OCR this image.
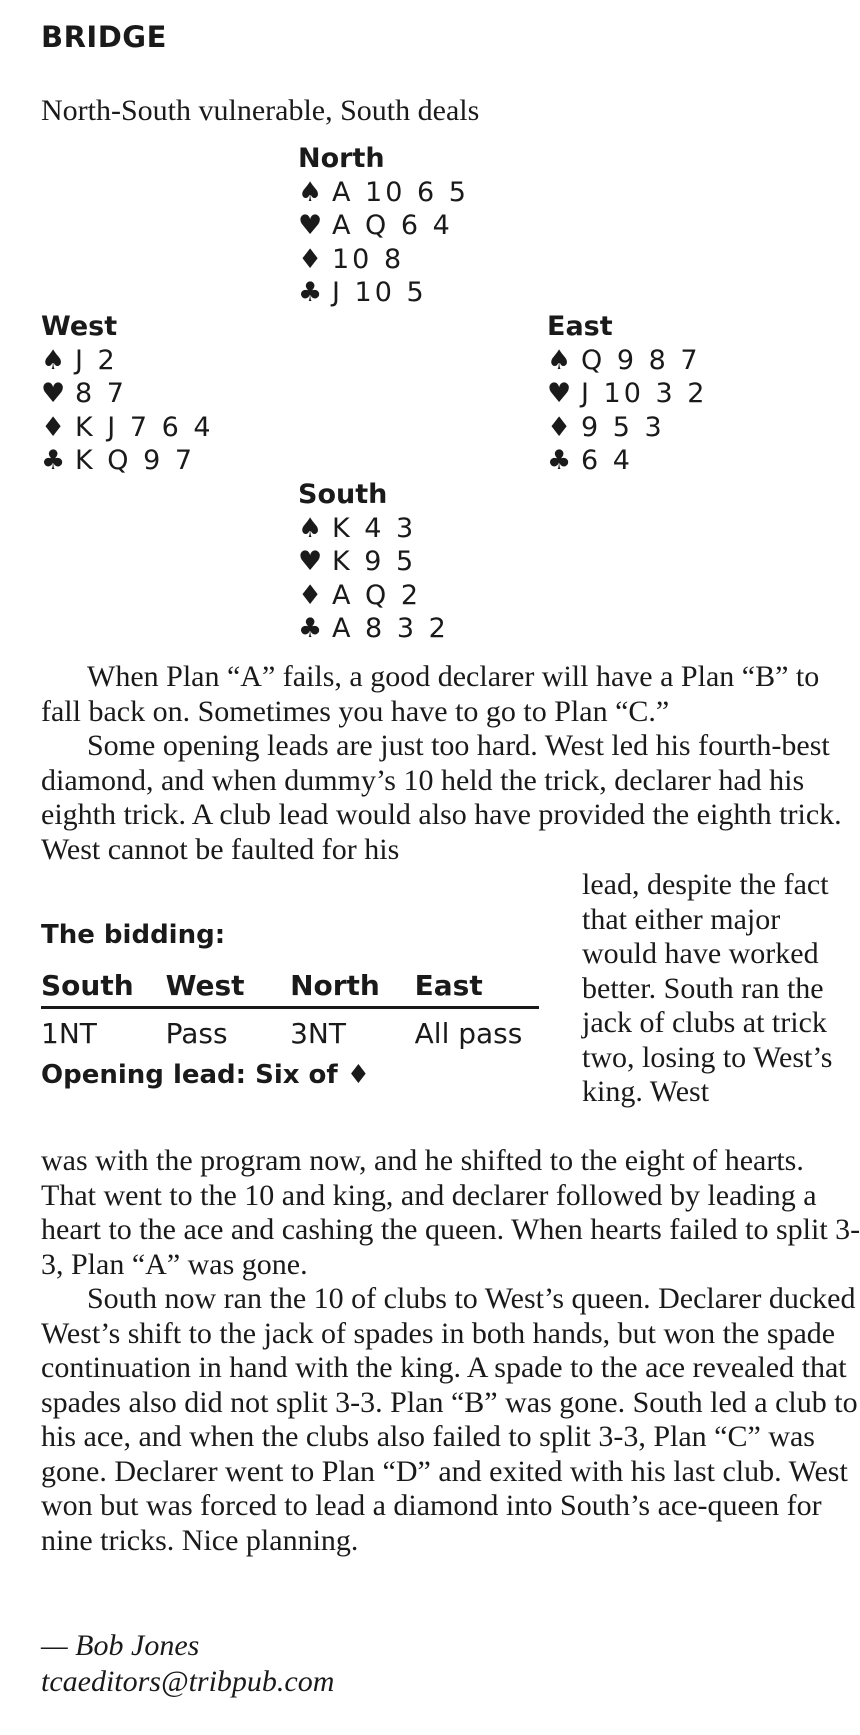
BRIDGE
North-South vulnerable, South deals
North
♠ A 10 6 5
♥ A Q 6 4
♦ 10 8
♣ J 10 5
West
♠ J 2
♥ 8 7
♦ K J 7 6 4
♣ K Q 9 7
East
♠ Q 9 8 7
♥ J 10 3 2
♦ 9 5 3
♣ 6 4
South
♠ K 4 3
♥ K 9 5
♦ A Q 2
♣ A 8 3 2
When Plan “A” fails, a good declarer will have a Plan “B” to fall back on. Sometimes you have to go to Plan “C.”
Some opening leads are just too hard. West led his fourth-best diamond, and when dummy’s 10 held the trick, declarer had his eighth trick. A club lead would also have provided the eighth trick. West cannot be faulted for his
lead, despite the fact that either major would have worked better. South ran the jack of clubs at trick two, losing to West’s king. West
The bidding:
South	West	North	East
1NT	Pass	3NT	All pass
Opening lead: Six of ♦
was with the program now, and he shifted to the eight of hearts. That went to the 10 and king, and declarer followed by leading a heart to the ace and cashing the queen. When hearts failed to split 3-3, Plan “A” was gone.
South now ran the 10 of clubs to West’s queen. Declarer ducked West’s shift to the jack of spades in both hands, but won the spade continuation in hand with the king. A spade to the ace revealed that spades also did not split 3-3. Plan “B” was gone. South led a club to his ace, and when the clubs also failed to split 3-3, Plan “C” was gone. Declarer went to Plan “D” and exited with his last club. West won but was forced to lead a diamond into South’s ace-queen for nine tricks. Nice planning.
— Bob Jones
tcaeditors@tribpub.com
